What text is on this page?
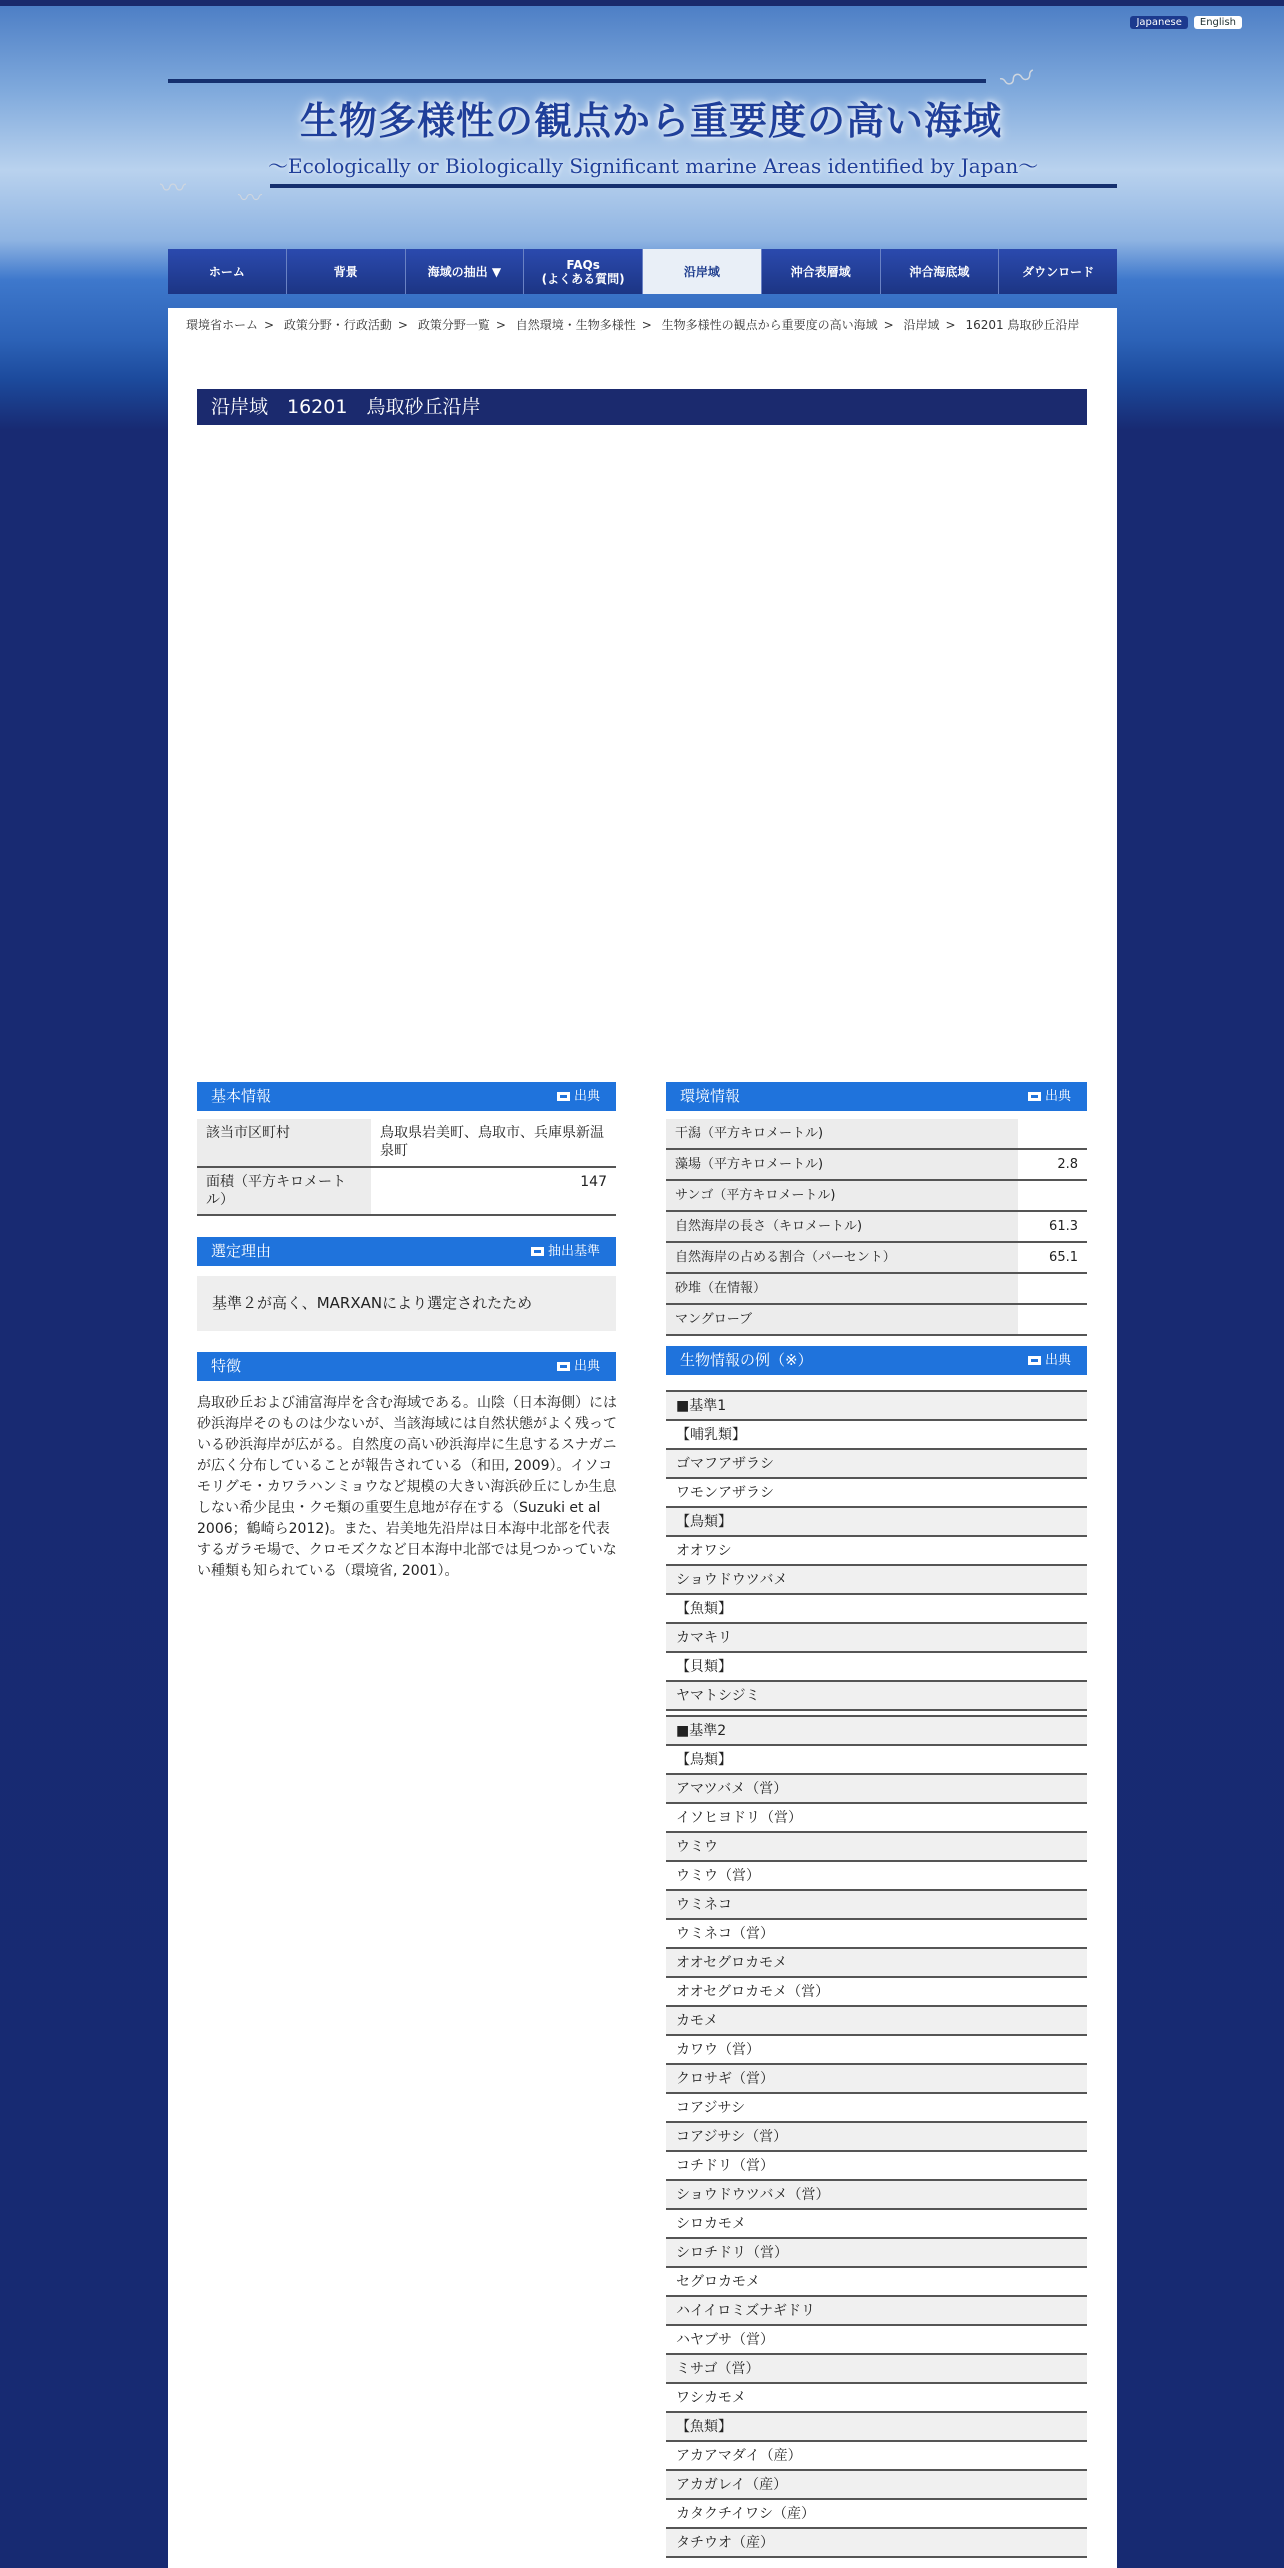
Japanese	English
〰
〰 〰
生物多様性の観点から重要度の高い海域
〜Ecologically or Biologically Significant marine Areas identified by Japan〜
ホーム	背景	海域の抽出 ▼	FAQs
(よくある質問)	沿岸域	沖合表層域	沖合海底域	ダウンロード
環境省ホーム > 政策分野・行政活動 > 政策分野一覧 > 自然環境・生物多様性 > 生物多様性の観点から重要度の高い海域 > 沿岸域 > 16201 鳥取砂丘沿岸
沿岸域　16201　鳥取砂丘沿岸
基本情報	出典
該当市区町村	鳥取県岩美町、鳥取市、兵庫県新温泉町
面積（平方キロメートル）	147
選定理由	抽出基準
基準２が高く、MARXANにより選定されたため
特徴	出典
鳥取砂丘および浦富海岸を含む海域である。山陰（日本海側）には砂浜海岸そのものは少ないが、当該海域には自然状態がよく残っている砂浜海岸が広がる。自然度の高い砂浜海岸に生息するスナガニが広く分布していることが報告されている（和田, 2009）。イソコモリグモ・カワラハンミョウなど規模の大きい海浜砂丘にしか生息しない希少昆虫・クモ類の重要生息地が存在する（Suzuki et al 2006；鶴崎ら2012)。また、岩美地先沿岸は日本海中北部を代表するガラモ場で、クロモズクなど日本海中北部では見つかっていない種類も知られている（環境省, 2001）。
環境情報	出典
干潟（平方キロメートル)	
藻場（平方キロメートル)	2.8
サンゴ（平方キロメートル)	
自然海岸の長さ（キロメートル)	61.3
自然海岸の占める割合（パーセント）	65.1
砂堆（在情報）	
マングローブ	
生物情報の例（※）	出典
■基準1
【哺乳類】
ゴマフアザラシ
ワモンアザラシ
【鳥類】
オオワシ
ショウドウツバメ
【魚類】
カマキリ
【貝類】
ヤマトシジミ
■基準2
【鳥類】
アマツバメ（営）
イソヒヨドリ（営）
ウミウ
ウミウ（営）
ウミネコ
ウミネコ（営）
オオセグロカモメ
オオセグロカモメ（営）
カモメ
カワウ（営）
クロサギ（営）
コアジサシ
コアジサシ（営）
コチドリ（営）
ショウドウツバメ（営）
シロカモメ
シロチドリ（営）
セグロカモメ
ハイイロミズナギドリ
ハヤブサ（営）
ミサゴ（営）
ワシカモメ
【魚類】
アカアマダイ（産）
アカガレイ（産）
カタクチイワシ（産）
タチウオ（産）
